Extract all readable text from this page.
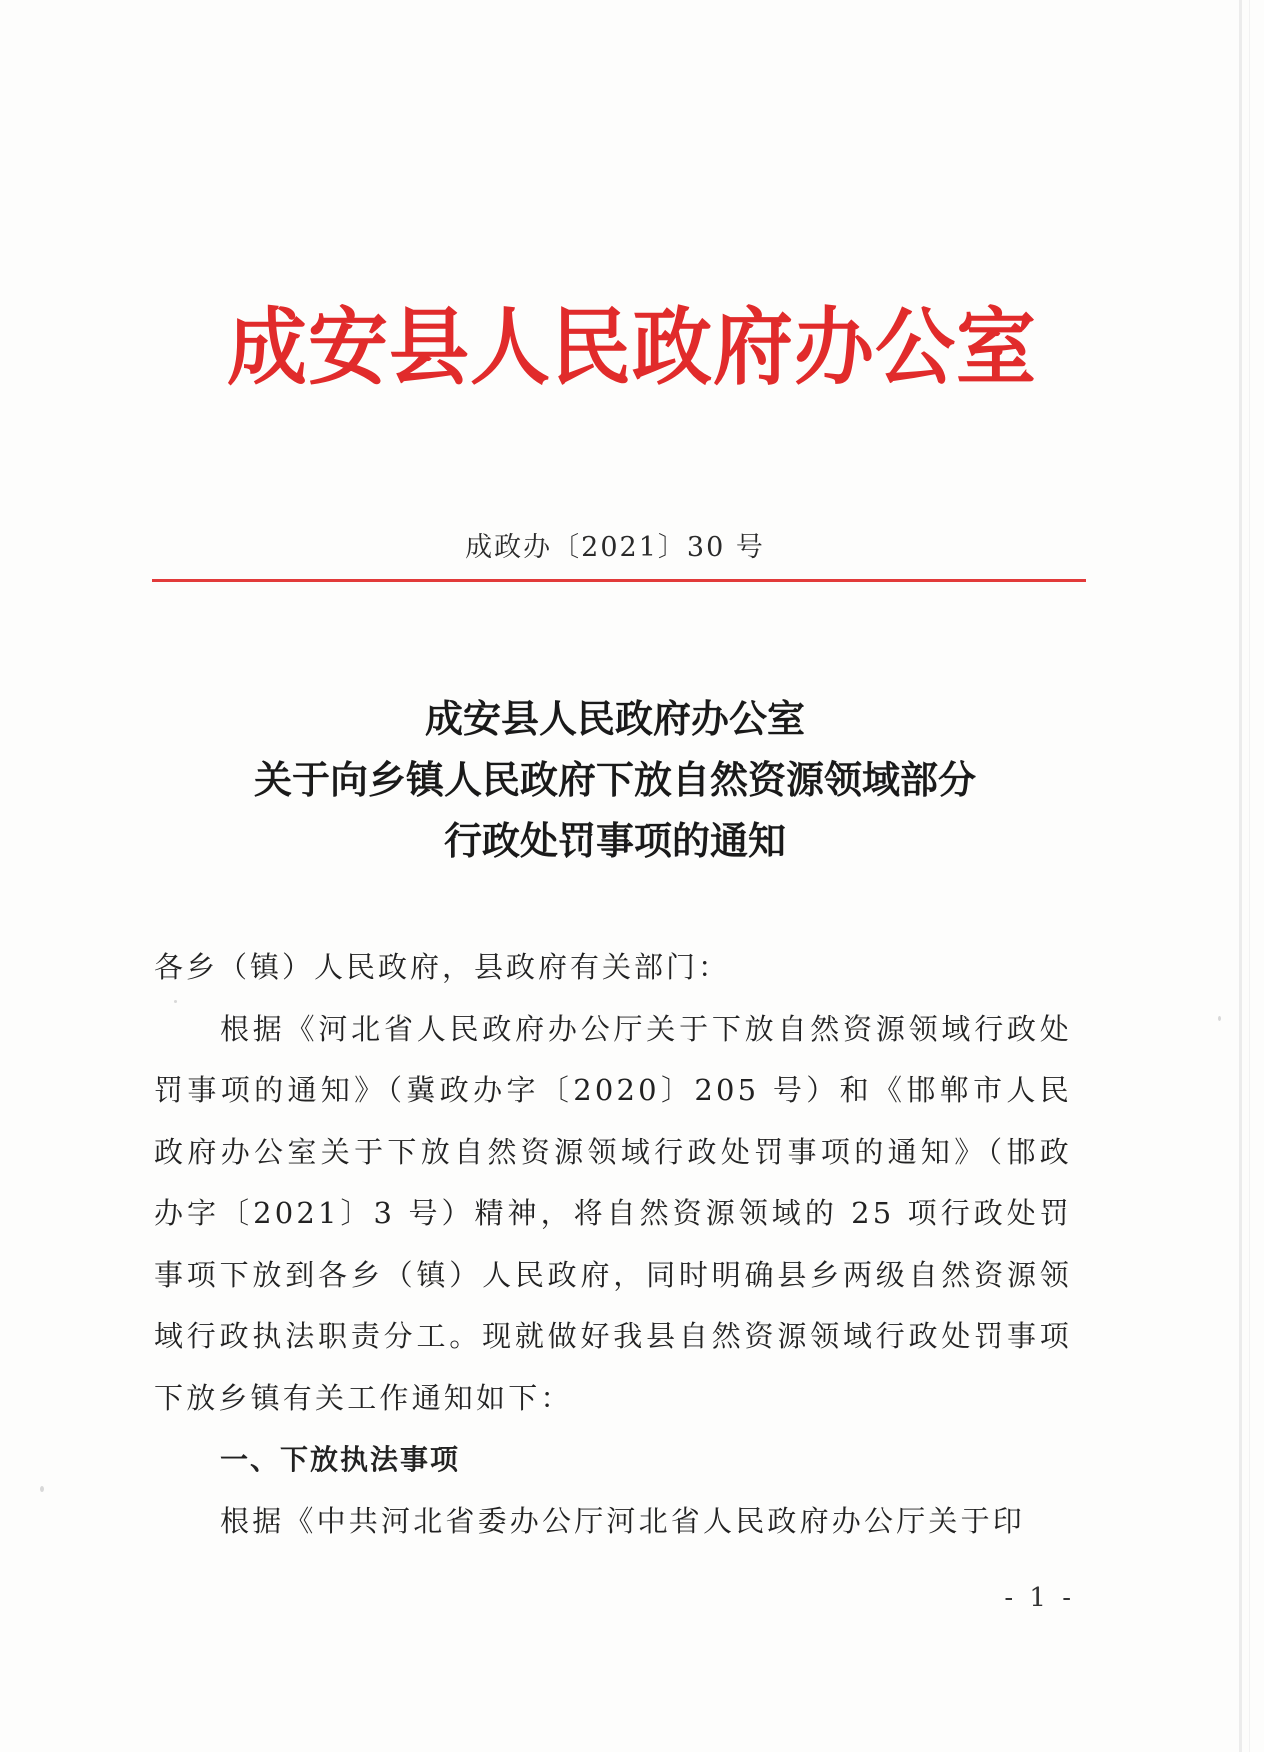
成安县人民政府办公室
成政办〔2021〕30 号
成安县人民政府办公室
关于向乡镇人民政府下放自然资源领域部分
行政处罚事项的通知

各乡（镇）人民政府，县政府有关部门：

根据《河北省人民政府办公厅关于下放自然资源领域行政处罚事项的通知》（冀政办字〔2020〕205 号）和《邯郸市人民政府办公室关于下放自然资源领域行政处罚事项的通知》（邯政办字〔2021〕3 号）精神，将自然资源领域的 25 项行政处罚事项下放到各乡（镇）人民政府，同时明确县乡两级自然资源领域行政执法职责分工。现就做好我县自然资源领域行政处罚事项下放乡镇有关工作通知如下：

一、下放执法事项

根据《中共河北省委办公厅河北省人民政府办公厅关于印

- 1 -
